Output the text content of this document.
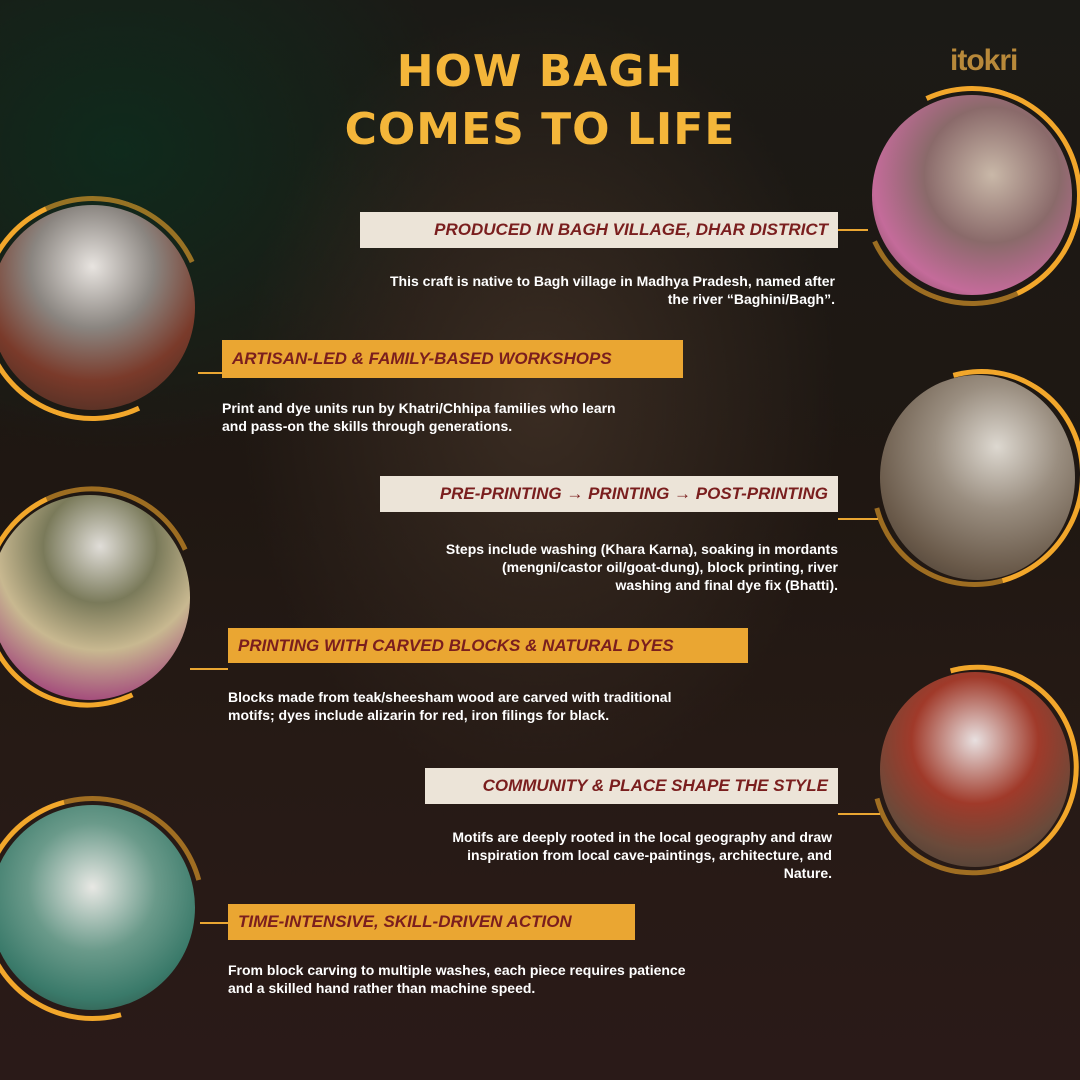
HOW BAGH
COMES TO LIFE
itokri
PRODUCED IN BAGH VILLAGE, DHAR DISTRICT
This craft is native to Bagh village in Madhya Pradesh, named after
the river “Baghini/Bagh”.
ARTISAN-LED & FAMILY-BASED WORKSHOPS
Print and dye units run by Khatri/Chhipa families who learn
and pass-on the skills through generations.
PRE-PRINTING → PRINTING → POST-PRINTING
Steps include washing (Khara Karna), soaking in mordants
(mengni/castor oil/goat-dung), block printing, river
washing and final dye fix (Bhatti).
PRINTING WITH CARVED BLOCKS & NATURAL DYES
Blocks made from teak/sheesham wood are carved with traditional
motifs; dyes include alizarin for red, iron filings for black.
COMMUNITY & PLACE SHAPE THE STYLE
Motifs are deeply rooted in the local geography and draw
inspiration from local cave-paintings, architecture, and
Nature.
TIME-INTENSIVE, SKILL-DRIVEN ACTION
From block carving to multiple washes, each piece requires patience
and a skilled hand rather than machine speed.
